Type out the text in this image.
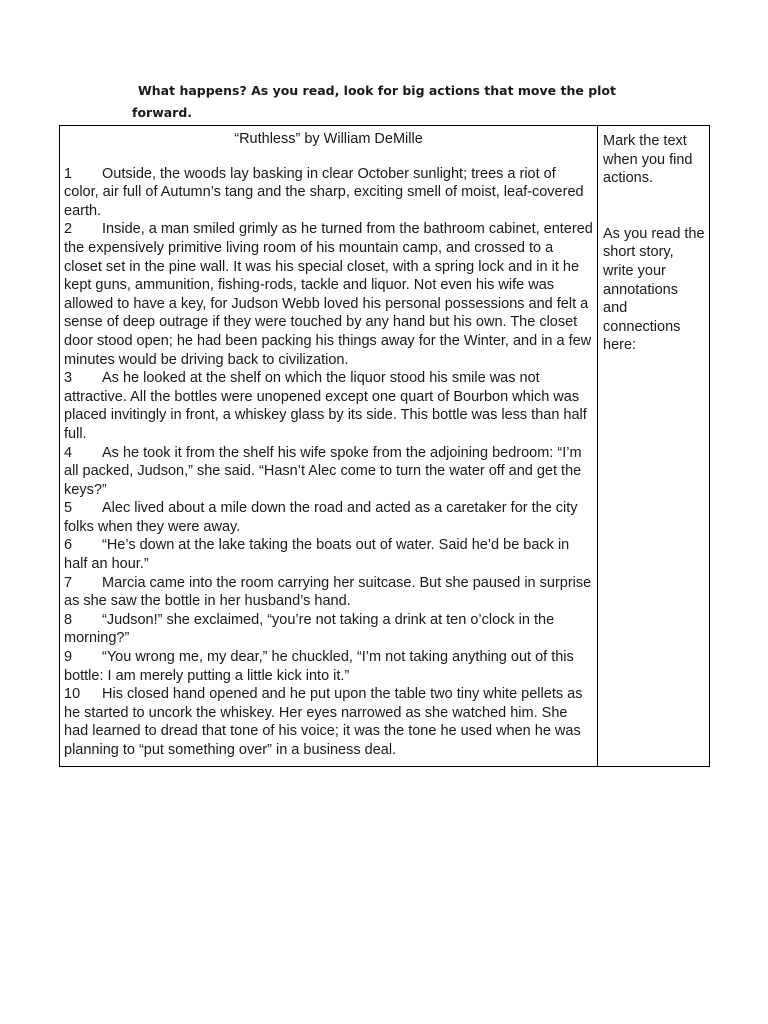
What happens? As you read, look for big actions that move the plot
forward.

“Ruthless” by William DeMille

1 Outside, the woods lay basking in clear October sunlight; trees a riot of color, air full of Autumn’s tang and the sharp, exciting smell of moist, leaf-covered earth.

2 Inside, a man smiled grimly as he turned from the bathroom cabinet, entered the expensively primitive living room of his mountain camp, and crossed to a closet set in the pine wall. It was his special closet, with a spring lock and in it he kept guns, ammunition, fishing-rods, tackle and liquor. Not even his wife was allowed to have a key, for Judson Webb loved his personal possessions and felt a sense of deep outrage if they were touched by any hand but his own. The closet door stood open; he had been packing his things away for the Winter, and in a few minutes would be driving back to civilization.

3 As he looked at the shelf on which the liquor stood his smile was not attractive. All the bottles were unopened except one quart of Bourbon which was placed invitingly in front, a whiskey glass by its side. This bottle was less than half full.

4 As he took it from the shelf his wife spoke from the adjoining bedroom: “I’m all packed, Judson,” she said. “Hasn’t Alec come to turn the water off and get the keys?”

5 Alec lived about a mile down the road and acted as a caretaker for the city folks when they were away.

6 “He’s down at the lake taking the boats out of water. Said he’d be back in half an hour.”

7 Marcia came into the room carrying her suitcase. But she paused in surprise as she saw the bottle in her husband’s hand.

8 “Judson!” she exclaimed, “you’re not taking a drink at ten o’clock in the morning?”

9 “You wrong me, my dear,” he chuckled, “I’m not taking anything out of this bottle: I am merely putting a little kick into it.”

10 His closed hand opened and he put upon the table two tiny white pellets as he started to uncork the whiskey. Her eyes narrowed as she watched him. She had learned to dread that tone of his voice; it was the tone he used when he was planning to “put something over” in a business deal.

Mark the text when you find actions.

As you read the short story, write your annotations and connections here:
